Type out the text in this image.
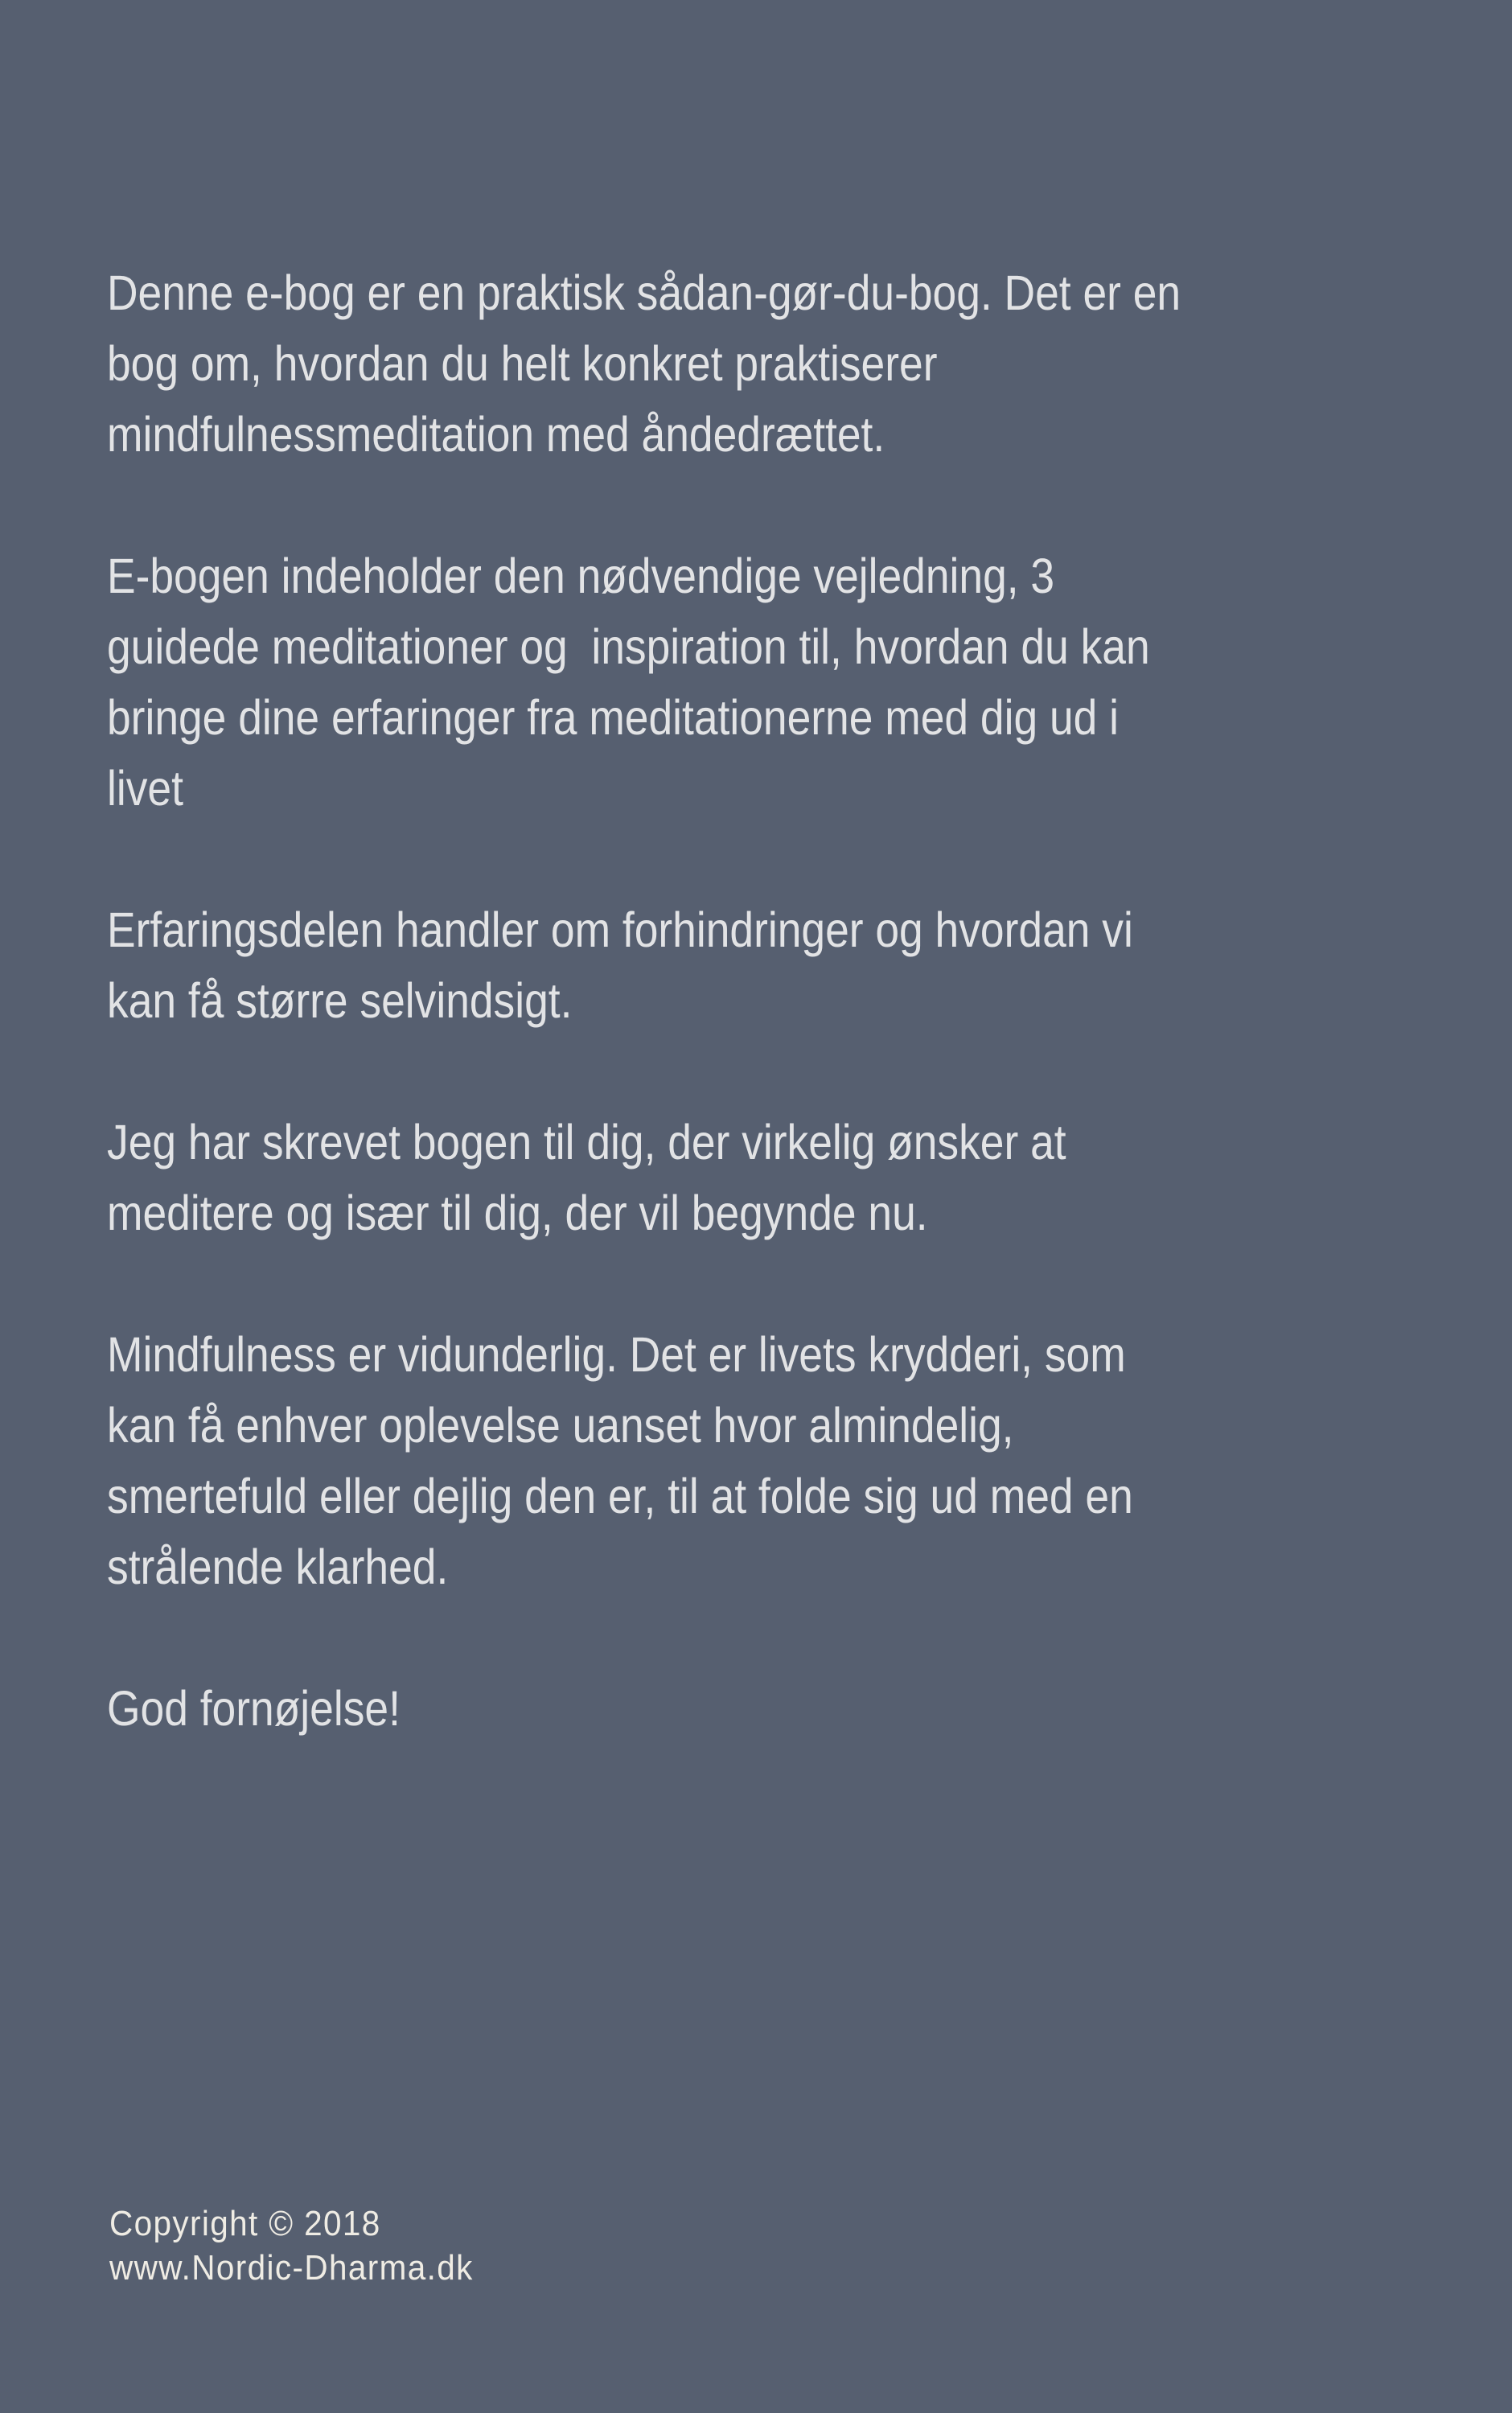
Denne e-bog er en praktisk sådan-gør-du-bog. Det er en
bog om, hvordan du helt konkret praktiserer
mindfulnessmeditation med åndedrættet.

E-bogen indeholder den nødvendige vejledning, 3
guidede meditationer og  inspiration til, hvordan du kan
bringe dine erfaringer fra meditationerne med dig ud i
livet

Erfaringsdelen handler om forhindringer og hvordan vi
kan få større selvindsigt.

Jeg har skrevet bogen til dig, der virkelig ønsker at
meditere og især til dig, der vil begynde nu.

Mindfulness er vidunderlig. Det er livets krydderi, som
kan få enhver oplevelse uanset hvor almindelig,
smertefuld eller dejlig den er, til at folde sig ud med en
strålende klarhed.

God fornøjelse!

Copyright © 2018
www.Nordic-Dharma.dk
